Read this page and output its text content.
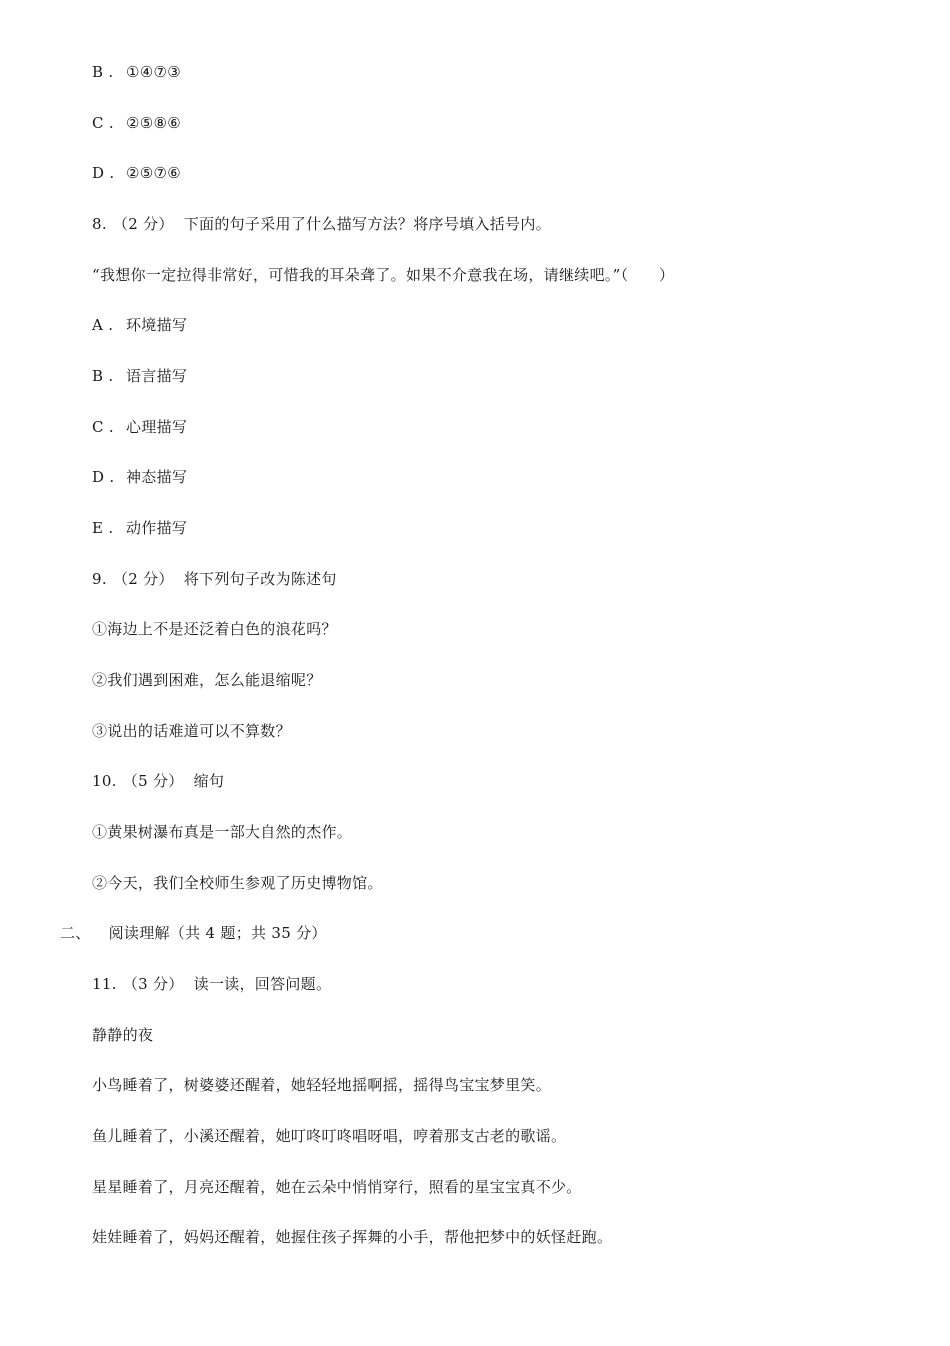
B . ①④⑦③
C . ②⑤⑧⑥
D . ②⑤⑦⑥
8. （2 分） 下面的句子采用了什么描写方法？将序号填入括号内。
“我想你一定拉得非常好，可惜我的耳朵聋了。如果不介意我在场，请继续吧。”（　　）
A . 环境描写
B . 语言描写
C . 心理描写
D . 神态描写
E . 动作描写
9. （2 分） 将下列句子改为陈述句
①海边上不是还泛着白色的浪花吗？
②我们遇到困难，怎么能退缩呢？
③说出的话难道可以不算数？
10. （5 分） 缩句
①黄果树瀑布真是一部大自然的杰作。
②今天，我们全校师生参观了历史博物馆。
二、 阅读理解（共 4 题；共 35 分）
11. （3 分） 读一读，回答问题。
静静的夜
小鸟睡着了，树婆婆还醒着，她轻轻地摇啊摇，摇得鸟宝宝梦里笑。
鱼儿睡着了，小溪还醒着，她叮咚叮咚唱呀唱，哼着那支古老的歌谣。
星星睡着了，月亮还醒着，她在云朵中悄悄穿行，照看的星宝宝真不少。
娃娃睡着了，妈妈还醒着，她握住孩子挥舞的小手，帮他把梦中的妖怪赶跑。
